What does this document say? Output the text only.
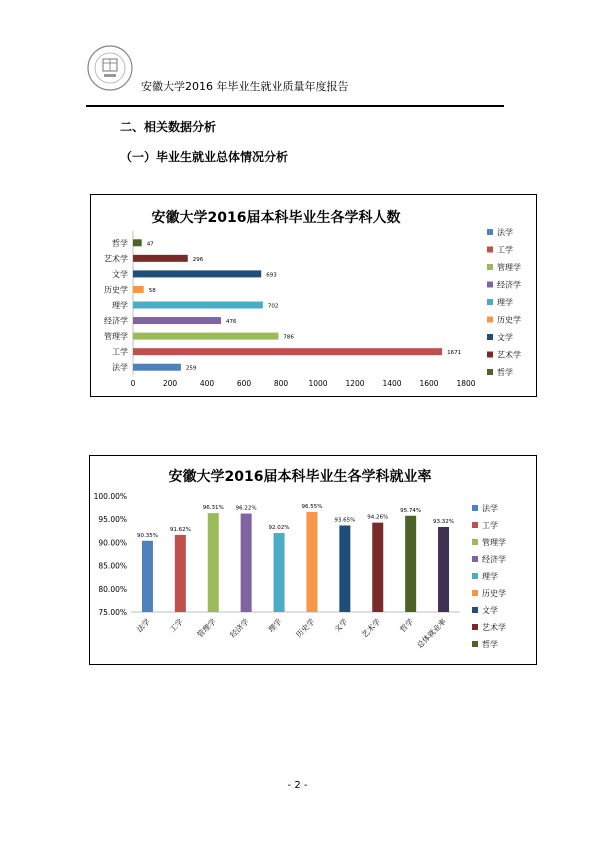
安徽大学2016 年毕业生就业质量年度报告
二、相关数据分析
（一）毕业生就业总体情况分析
安徽大学2016届本科毕业生各学科人数
法学	259
工学	1671
管理学	786
经济学	476
理学	702
历史学	58
文学	693
艺术学	296
哲学	47
0	200	400	600	800	1000 1200 1400 1600 1800
法学
工学
管理学
经济学
理学
历史学
文学
艺术学
哲学
安徽大学2016届本科毕业生各学科就业率
75.00%
80.00%
85.00%
90.00%
95.00%
100.00%
90.35%
法学
91.62%
工学
96.31%
管理学
96.22%
经济学
92.02%
理学
96.55%
历史学
93.65%
文学
94.26%
艺术学
95.74%
哲学
93.32%
总体就业率
法学
工学
管理学
经济学
理学
历史学
文学
艺术学
哲学
- 2 -
